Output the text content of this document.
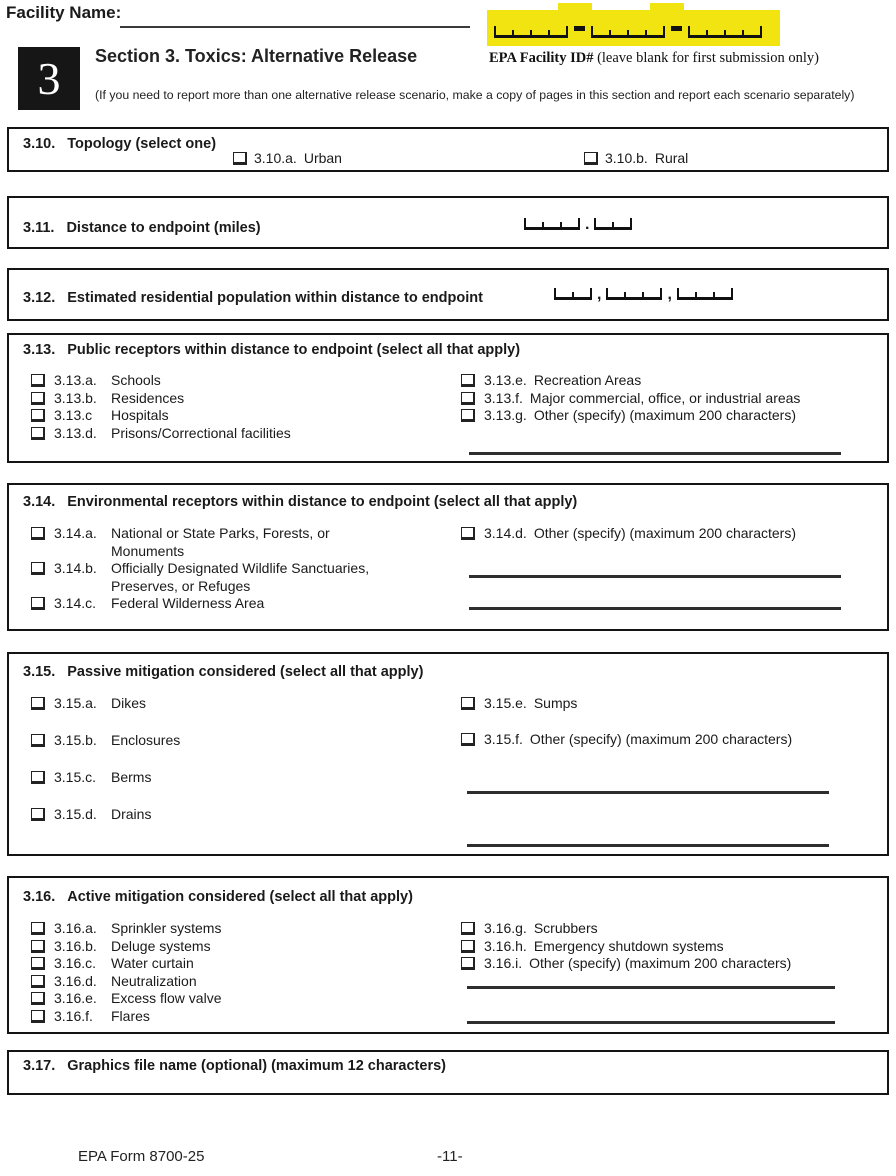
Facility Name:
EPA Facility ID# (leave blank for first submission only)
3	Section 3. Toxics: Alternative Release
(If you need to report more than one alternative release scenario, make a copy of pages in this section and report each scenario separately)
3.10. Topology (select one)
3.10.a. Urban	3.10.b. Rural
3.11. Distance to endpoint (miles)	.
3.12. Estimated residential population within distance to endpoint	,	,
3.13. Public receptors within distance to endpoint (select all that apply)
3.13.a.	Schools
3.13.b.	Residences
3.13.c	Hospitals
3.13.d.	Prisons/Correctional facilities
3.13.e. Recreation Areas
3.13.f. Major commercial, office, or industrial areas
3.13.g. Other (specify) (maximum 200 characters)
3.14. Environmental receptors within distance to endpoint (select all that apply)
3.14.a.	National or State Parks, Forests, or
Monuments
3.14.b.	Officially Designated Wildlife Sanctuaries,
Preserves, or Refuges
3.14.c.	Federal Wilderness Area
3.14.d. Other (specify) (maximum 200 characters)
3.15. Passive mitigation considered (select all that apply)
3.15.a.	Dikes
3.15.b.	Enclosures
3.15.c.	Berms
3.15.d.	Drains
3.15.e. Sumps
3.15.f. Other (specify) (maximum 200 characters)
3.16. Active mitigation considered (select all that apply)
3.16.a.	Sprinkler systems
3.16.b.	Deluge systems
3.16.c.	Water curtain
3.16.d.	Neutralization
3.16.e.	Excess flow valve
3.16.f.	Flares
3.16.g. Scrubbers
3.16.h. Emergency shutdown systems
3.16.i. Other (specify) (maximum 200 characters)
3.17. Graphics file name (optional) (maximum 12 characters)
EPA Form 8700-25	-11-
